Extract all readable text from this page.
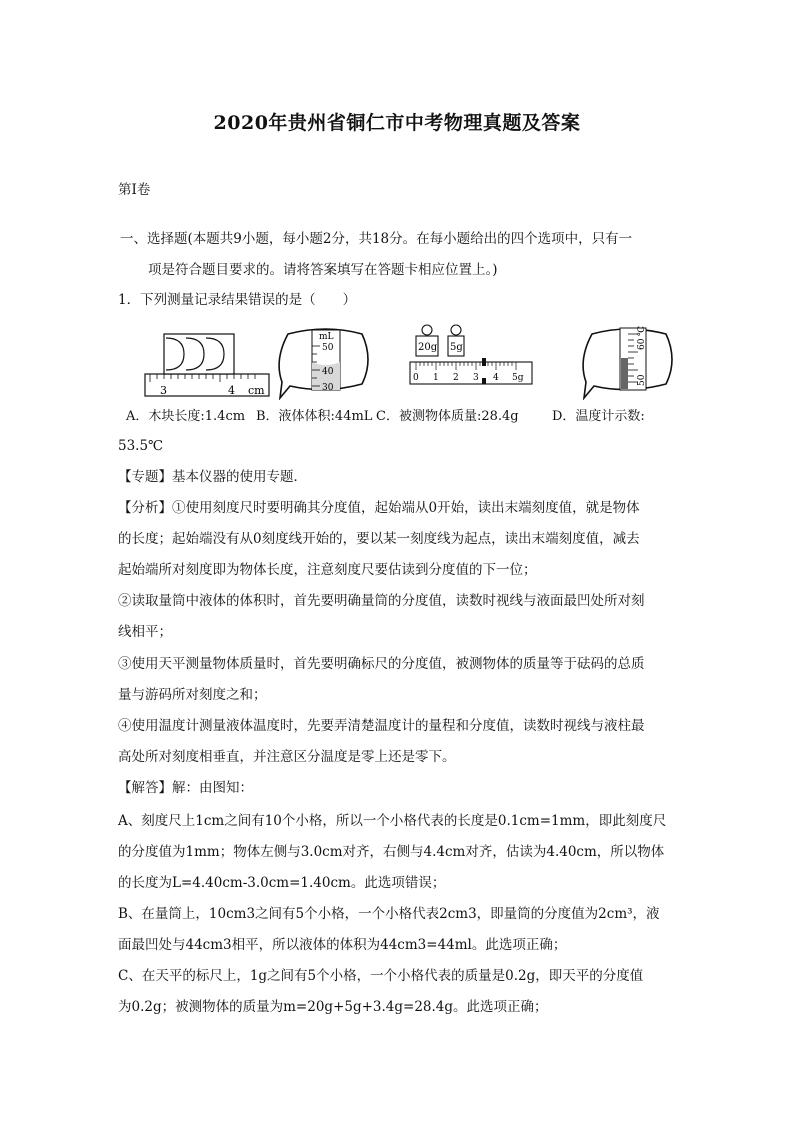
2020年贵州省铜仁市中考物理真题及答案
第Ⅰ卷
一、选择题(本题共9小题，每小题2分，共18分。在每小题给出的四个选项中，只有一
项是符合题目要求的。请将答案填写在答题卡相应位置上。)
1．下列测量记录结果错误的是（　　）
3	4 cm
mL
50
40
30
20g 5g
0 1 2 3 4 5g
60
50
℃
A．木块长度:1.4cm B．液体体积:44mL C．被测物体质量:28.4g	D．温度计示数:
53.5℃
【专题】基本仪器的使用专题．
【分析】①使用刻度尺时要明确其分度值，起始端从0开始，读出末端刻度值，就是物体
的长度；起始端没有从0刻度线开始的，要以某一刻度线为起点，读出末端刻度值，减去
起始端所对刻度即为物体长度，注意刻度尺要估读到分度值的下一位；
②读取量筒中液体的体积时，首先要明确量筒的分度值，读数时视线与液面最凹处所对刻
线相平；
③使用天平测量物体质量时，首先要明确标尺的分度值，被测物体的质量等于砝码的总质
量与游码所对刻度之和；
④使用温度计测量液体温度时，先要弄清楚温度计的量程和分度值，读数时视线与液柱最
高处所对刻度相垂直，并注意区分温度是零上还是零下。
【解答】解：由图知：
A、刻度尺上1cm之间有10个小格，所以一个小格代表的长度是0.1cm=1mm，即此刻度尺
的分度值为1mm；物体左侧与3.0cm对齐，右侧与4.4cm对齐，估读为4.40cm，所以物体
的长度为L=4.40cm-3.0cm=1.40cm。此选项错误；
B、在量筒上，10cm3之间有5个小格，一个小格代表2cm3，即量筒的分度值为2cm³，液
面最凹处与44cm3相平，所以液体的体积为44cm3=44ml。此选项正确；
C、在天平的标尺上，1g之间有5个小格，一个小格代表的质量是0.2g，即天平的分度值
为0.2g；被测物体的质量为m=20g+5g+3.4g=28.4g。此选项正确；
